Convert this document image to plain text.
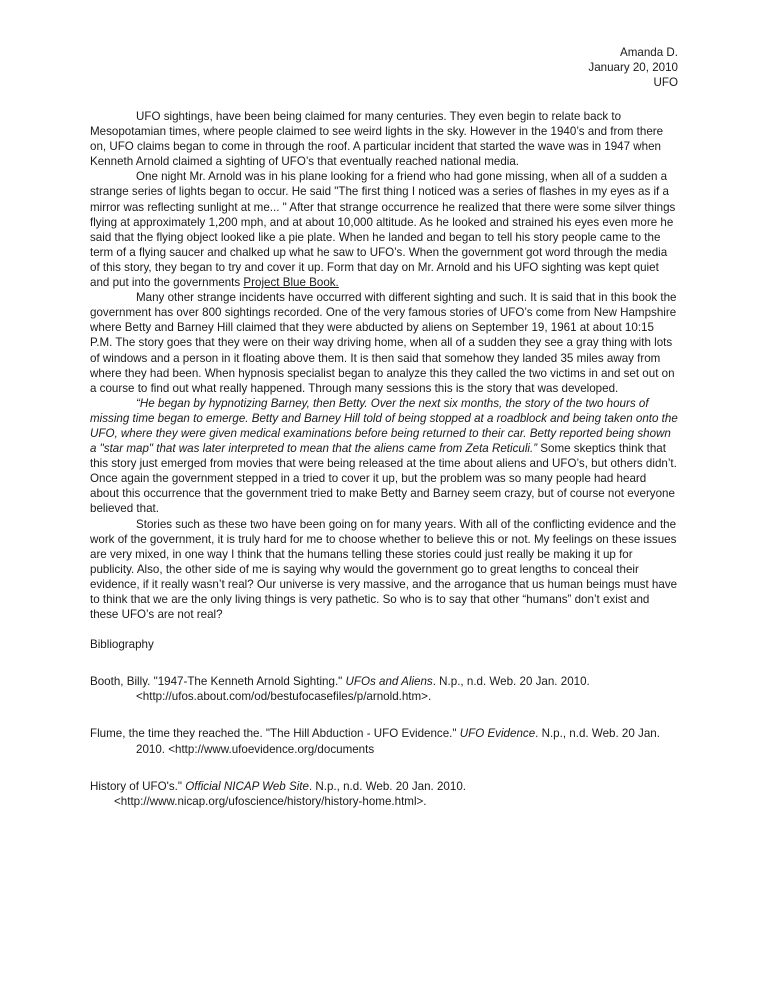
Amanda D.
January 20, 2010
UFO

UFO sightings, have been being claimed for many centuries. They even begin to relate back to Mesopotamian times, where people claimed to see weird lights in the sky. However in the 1940’s and from there on, UFO claims began to come in through the roof. A particular incident that started the wave was in 1947 when Kenneth Arnold claimed a sighting of UFO’s that eventually reached national media.

One night Mr. Arnold was in his plane looking for a friend who had gone missing, when all of a sudden a strange series of lights began to occur. He said "The first thing I noticed was a series of flashes in my eyes as if a mirror was reflecting sunlight at me... " After that strange occurrence he realized that there were some silver things flying at approximately 1,200 mph, and at about 10,000 altitude. As he looked and strained his eyes even more he said that the flying object looked like a pie plate. When he landed and began to tell his story people came to the term of a flying saucer and chalked up what he saw to UFO’s. When the government got word through the media of this story, they began to try and cover it up. Form that day on Mr. Arnold and his UFO sighting was kept quiet and put into the governments Project Blue Book.

Many other strange incidents have occurred with different sighting and such. It is said that in this book the government has over 800 sightings recorded. One of the very famous stories of UFO’s come from New Hampshire where Betty and Barney Hill claimed that they were abducted by aliens on September 19, 1961 at about 10:15 P.M. The story goes that they were on their way driving home, when all of a sudden they see a gray thing with lots of windows and a person in it floating above them. It is then said that somehow they landed 35 miles away from where they had been. When hypnosis specialist began to analyze this they called the two victims in and set out on a course to find out what really happened. Through many sessions this is the story that was developed.

“He began by hypnotizing Barney, then Betty. Over the next six months, the story of the two hours of missing time began to emerge. Betty and Barney Hill told of being stopped at a roadblock and being taken onto the UFO, where they were given medical examinations before being returned to their car. Betty reported being shown a "star map" that was later interpreted to mean that the aliens came from Zeta Reticuli.” Some skeptics think that this story just emerged from movies that were being released at the time about aliens and UFO’s, but others didn’t. Once again the government stepped in a tried to cover it up, but the problem was so many people had heard about this occurrence that the government tried to make Betty and Barney seem crazy, but of course not everyone believed that.

Stories such as these two have been going on for many years. With all of the conflicting evidence and the work of the government, it is truly hard for me to choose whether to believe this or not. My feelings on these issues are very mixed, in one way I think that the humans telling these stories could just really be making it up for publicity. Also, the other side of me is saying why would the government go to great lengths to conceal their evidence, if it really wasn’t real? Our universe is very massive, and the arrogance that us human beings must have to think that we are the only living things is very pathetic. So who is to say that other “humans” don’t exist and these UFO’s are not real?

Bibliography

Booth, Billy. "1947-The Kenneth Arnold Sighting." UFOs and Aliens. N.p., n.d. Web. 20 Jan. 2010. <http://ufos.about.com/od/bestufocasefiles/p/arnold.htm>.

Flume, the time they reached the. "The Hill Abduction - UFO Evidence." UFO Evidence. N.p., n.d. Web. 20 Jan. 2010. <http://www.ufoevidence.org/documents

History of UFO's." Official NICAP Web Site. N.p., n.d. Web. 20 Jan. 2010. <http://www.nicap.org/ufoscience/history/history-home.html>.
